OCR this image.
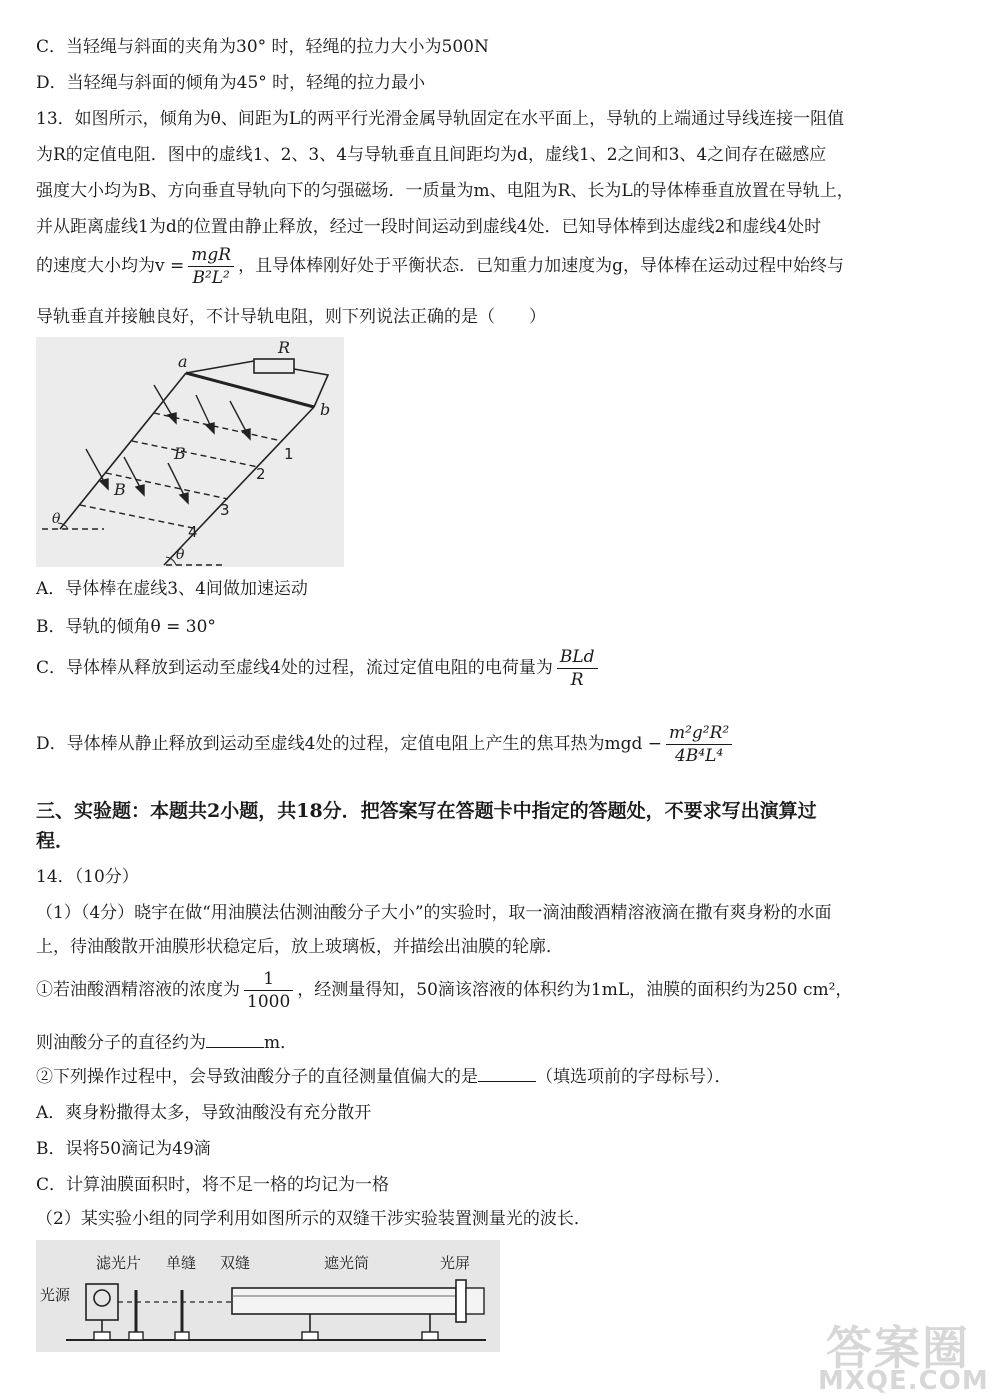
C．当轻绳与斜面的夹角为30° 时，轻绳的拉力大小为500N
D．当轻绳与斜面的倾角为45° 时，轻绳的拉力最小
13．如图所示，倾角为θ、间距为L的两平行光滑金属导轨固定在水平面上，导轨的上端通过导线连接一阻值
为R的定值电阻．图中的虚线1、2、3、4与导轨垂直且间距均为d，虚线1、2之间和3、4之间存在磁感应
强度大小均为B、方向垂直导轨向下的匀强磁场．一质量为m、电阻为R、长为L的导体棒垂直放置在导轨上，
并从距离虚线1为d的位置由静止释放，经过一段时间运动到虚线4处．已知导体棒到达虚线2和虚线4处时
的速度大小均为$v = \frac{\text{mgR}}{\text{B²L²}}$ ，且导体棒刚好处于平衡状态．已知重力加速度为g，导体棒在运动过程中始终与
导轨垂直并接触良好，不计导轨电阻，则下列说法正确的是（　　）
R
a
b
B
B
θ
θ
1
2
3
4
A．导体棒在虚线3、4间做加速运动
B．导轨的倾角θ = 30°
C．导体棒从释放到运动至虚线4处的过程，流过定值电阻的电荷量为 $\frac{\text{BLd}}{R}$
D．导体棒从静止释放到运动至虚线4处的过程，定值电阻上产生的焦耳热为mgd − $\frac{\text{m²g²R²}}{\text{4B⁴L⁴}}$
三、实验题：本题共2小题，共18分．把答案写在答题卡中指定的答题处，不要求写出演算过
程．
14．（10分）
（1）（4分）晓宇在做“用油膜法估测油酸分子大小”的实验时，取一滴油酸酒精溶液滴在撒有爽身粉的水面
上，待油酸散开油膜形状稳定后，放上玻璃板，并描绘出油膜的轮廓．
①若油酸酒精溶液的浓度为 $\frac{1}{1000}$ ，经测量得知，50滴该溶液的体积约为1mL，油膜的面积约为250 cm²，
则油酸分子的直径约为	m．
②下列操作过程中，会导致油酸分子的直径测量值偏大的是	（填选项前的字母标号）．
A．爽身粉撒得太多，导致油酸没有充分散开
B．误将50滴记为49滴
C．计算油膜面积时，将不足一格的均记为一格
（2）某实验小组的同学利用如图所示的双缝干涉实验装置测量光的波长．
光源
滤光片 单缝 双缝	遮光筒	光屏
答案圈
MXQE.COM
